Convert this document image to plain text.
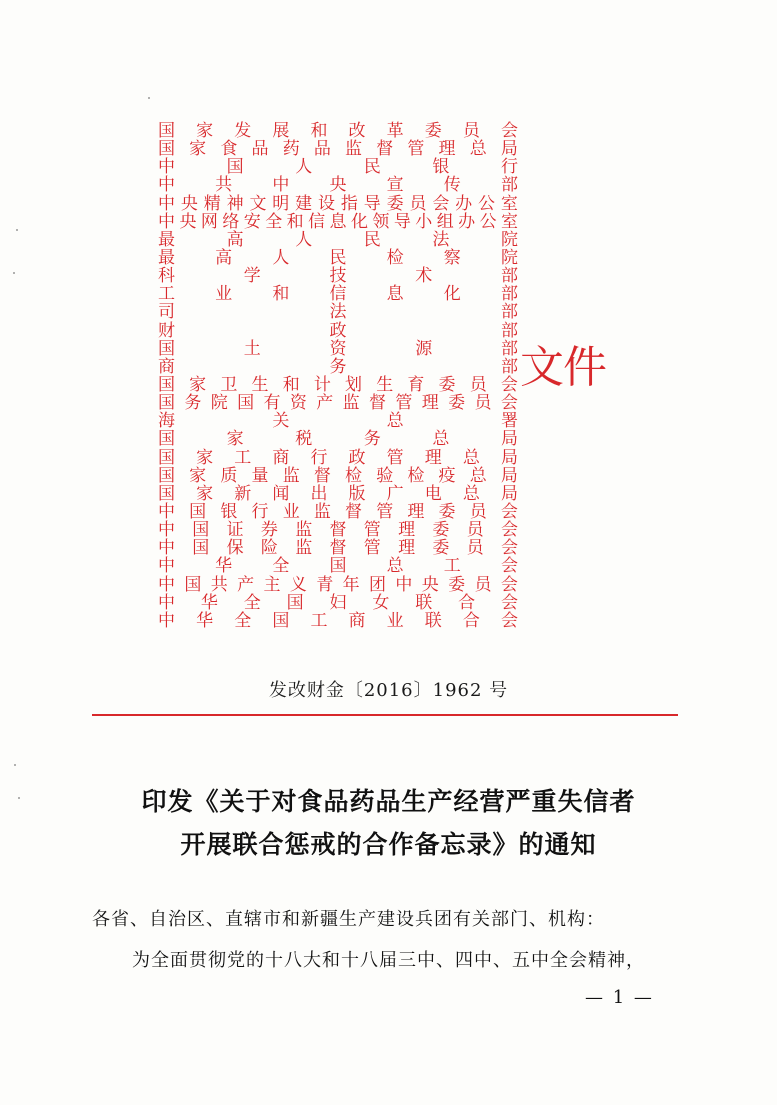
国 家 发 展 和 改 革 委 员 会
国 家 食 品 药 品 监 督 管 理 总 局
中	国	人	民	银	行
中 共 中 央 宣 传 部
中 央 精 神 文 明 建 设 指 导 委 员 会 办 公 室
中 央 网 络 安 全 和 信 息 化 领 导 小 组 办 公 室
最	高	人	民	法	院
最 高 人 民 检 察 院
科	学	技	术	部
工 业 和 信 息 化 部
司	法	部
财	政	部
国	土	资	源	部
商	务	部
国 家 卫 生 和 计 划 生 育 委 员 会
国 务 院 国 有 资 产 监 督 管 理 委 员 会
海	关	总	署
国	家	税	务	总	局
国 家 工 商 行 政 管 理 总 局
国 家 质 量 监 督 检 验 检 疫 总 局
国 家 新 闻 出 版 广 电 总 局
中 国 银 行 业 监 督 管 理 委 员 会
中 国 证 券 监 督 管 理 委 员 会
中 国 保 险 监 督 管 理 委 员 会
中 华 全 国 总 工 会
中 国 共 产 主 义 青 年 团 中 央 委 员 会
中 华 全 国 妇 女 联 合 会
中 华 全 国 工 商 业 联 合 会
文件
发改财金〔2016〕1962 号
印发《关于对食品药品生产经营严重失信者
开展联合惩戒的合作备忘录》的通知
各省、自治区、直辖市和新疆生产建设兵团有关部门、机构：
为全面贯彻党的十八大和十八届三中、四中、五中全会精神，
— 1 —
